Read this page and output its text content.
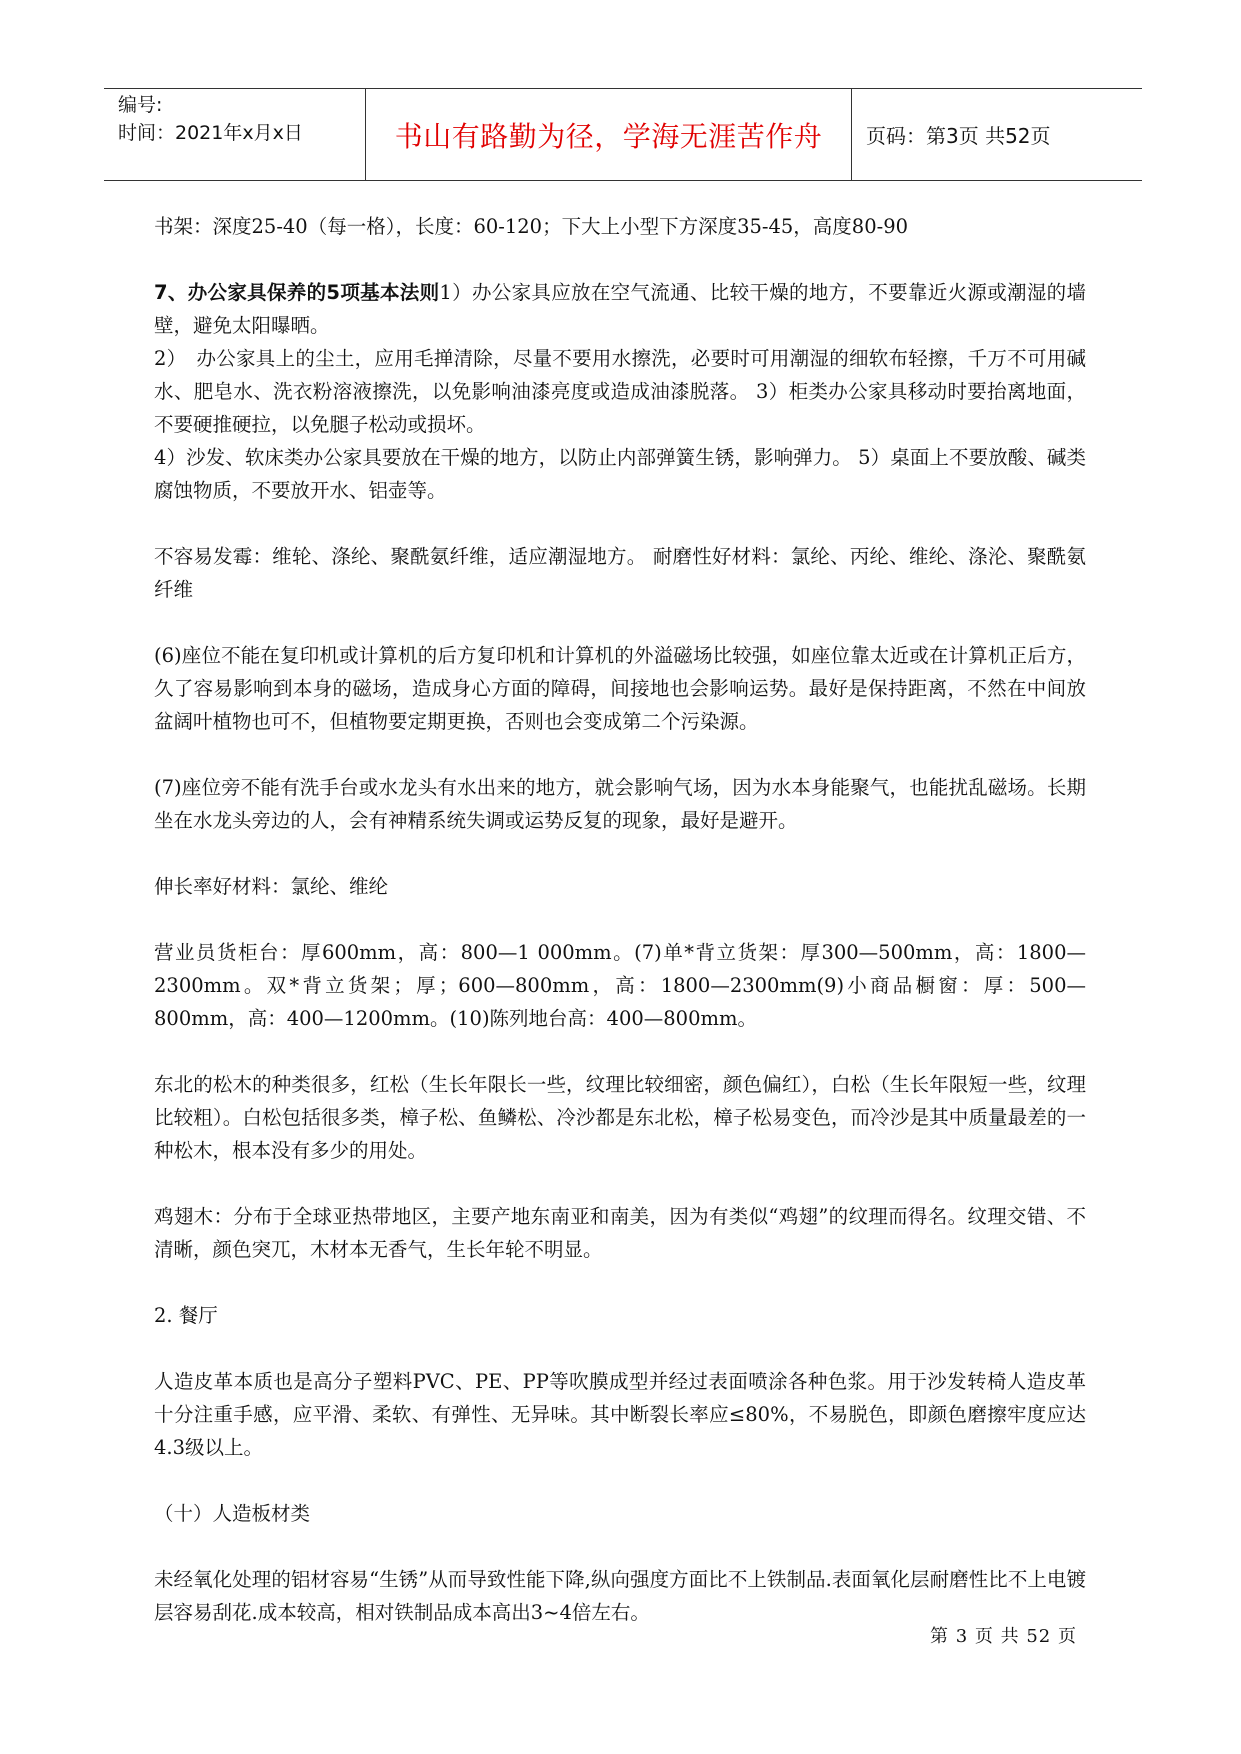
编号:
时间：2021年x月x日	书山有路勤为径，学海无涯苦作舟	页码：第3页 共52页

书架：深度25-40（每一格），长度：60-120；下大上小型下方深度35-45，高度80-90

7、办公家具保养的5项基本法则1）办公家具应放在空气流通、比较干燥的地方，不要靠近火源或潮湿的墙壁，避免太阳曝晒。

2）　办公家具上的尘土，应用毛掸清除，尽量不要用水擦洗，必要时可用潮湿的细软布轻擦，千万不可用碱水、肥皂水、洗衣粉溶液擦洗，以免影响油漆亮度或造成油漆脱落。 3）柜类办公家具移动时要抬离地面，不要硬推硬拉，以免腿子松动或损坏。

4）沙发、软床类办公家具要放在干燥的地方，以防止内部弹簧生锈，影响弹力。 5）桌面上不要放酸、碱类腐蚀物质，不要放开水、铝壶等。

不容易发霉：维轮、涤纶、聚酰氨纤维，适应潮湿地方。 耐磨性好材料：氯纶、丙纶、维纶、涤沦、聚酰氨纤维

(6)座位不能在复印机或计算机的后方复印机和计算机的外溢磁场比较强，如座位靠太近或在计算机正后方，久了容易影响到本身的磁场，造成身心方面的障碍，间接地也会影响运势。最好是保持距离，不然在中间放盆阔叶植物也可不，但植物要定期更换，否则也会变成第二个污染源。

(7)座位旁不能有洗手台或水龙头有水出来的地方，就会影响气场，因为水本身能聚气，也能扰乱磁场。长期坐在水龙头旁边的人，会有神精系统失调或运势反复的现象，最好是避开。

伸长率好材料：氯纶、维纶

营业员货柜台：厚600mm，高：800—1 000mm。(7)单*背立货架：厚300—500mm，高：1800—2300mm。双*背立货架；厚；600—800mm，高：1800—2300mm(9)小商品橱窗：厚：500—800mm，高：400—1200mm。(10)陈列地台高：400—800mm。

东北的松木的种类很多，红松（生长年限长一些，纹理比较细密，颜色偏红），白松（生长年限短一些，纹理比较粗）。白松包括很多类，樟子松、鱼鳞松、冷沙都是东北松，樟子松易变色，而冷沙是其中质量最差的一种松木，根本没有多少的用处。

鸡翅木：分布于全球亚热带地区，主要产地东南亚和南美，因为有类似“鸡翅”的纹理而得名。纹理交错、不清晰，颜色突兀，木材本无香气，生长年轮不明显。

2. 餐厅

人造皮革本质也是高分子塑料PVC、PE、PP等吹膜成型并经过表面喷涂各种色浆。用于沙发转椅人造皮革十分注重手感，应平滑、柔软、有弹性、无异味。其中断裂长率应≤80%，不易脱色，即颜色磨擦牢度应达4.3级以上。

（十）人造板材类

未经氧化处理的铝材容易“生锈”从而导致性能下降,纵向强度方面比不上铁制品.表面氧化层耐磨性比不上电镀层容易刮花.成本较高，相对铁制品成本高出3~4倍左右。

第 3 页 共 52 页
